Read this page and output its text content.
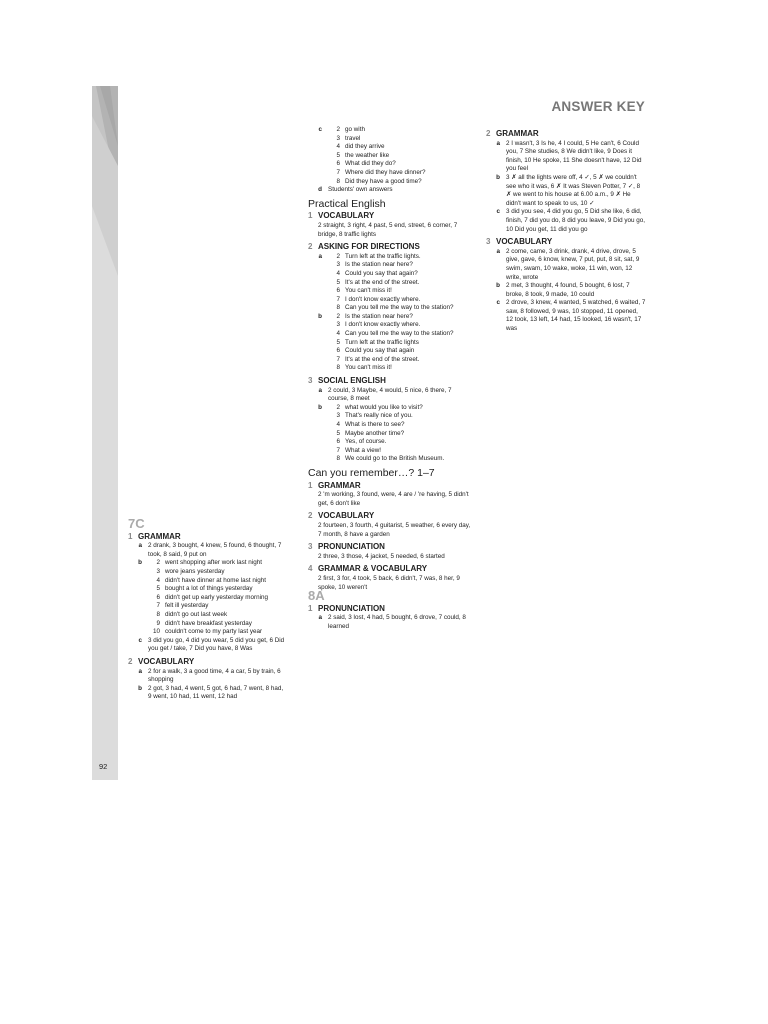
ANSWER KEY
7C
1 GRAMMAR
a 2 drank, 3 bought, 4 knew, 5 found, 6 thought, 7 took, 8 said, 9 put on
b	2 went shopping after work last night
3 wore jeans yesterday
4 didn't have dinner at home last night
5 bought a lot of things yesterday
6 didn't get up early yesterday morning
7 felt ill yesterday
8 didn't go out last week
9 didn't have breakfast yesterday
10 couldn't come to my party last year
c 3 did you go, 4 did you wear, 5 did you get, 6 Did you get / take, 7 Did you have, 8 Was
2 VOCABULARY
a 2 for a walk, 3 a good time, 4 a car, 5 by train, 6 shopping
b 2 got, 3 had, 4 went, 5 got, 6 had, 7 went, 8 had, 9 went, 10 had, 11 went, 12 had
c	2 go with
3 travel
4 did they arrive
5 the weather like
6 What did they do?
7 Where did they have dinner?
8 Did they have a good time?
d Students' own answers
Practical English
1 VOCABULARY
2 straight, 3 right, 4 past, 5 end, street, 6 corner, 7 bridge, 8 traffic lights
2 ASKING FOR DIRECTIONS
a	2 Turn left at the traffic lights.
3 Is the station near here?
4 Could you say that again?
5 It's at the end of the street.
6 You can't miss it!
7 I don't know exactly where.
8 Can you tell me the way to the station?
b	2 Is the station near here?
3 I don't know exactly where.
4 Can you tell me the way to the station?
5 Turn left at the traffic lights
6 Could you say that again
7 It's at the end of the street.
8 You can't miss it!
3 SOCIAL ENGLISH
a 2 could, 3 Maybe, 4 would, 5 nice, 6 there, 7 course, 8 meet
b	2 what would you like to visit?
3 That's really nice of you.
4 What is there to see?
5 Maybe another time?
6 Yes, of course.
7 What a view!
8 We could go to the British Museum.
Can you remember…? 1–7
1 GRAMMAR
2 'm working, 3 found, were, 4 are / 're having, 5 didn't get, 6 don't like
2 VOCABULARY
2 fourteen, 3 fourth, 4 guitarist, 5 weather, 6 every day, 7 month, 8 have a garden
3 PRONUNCIATION
2 three, 3 those, 4 jacket, 5 needed, 6 started
4 GRAMMAR & VOCABULARY
2 first, 3 for, 4 took, 5 back, 6 didn't, 7 was, 8 her, 9 spoke, 10 weren't
8A
1 PRONUNCIATION
a 2 said, 3 lost, 4 had, 5 bought, 6 drove, 7 could, 8 learned
2 GRAMMAR
a 2 I wasn't, 3 Is he, 4 I could, 5 He can't, 6 Could you, 7 She studies, 8 We didn't like, 9 Does it finish, 10 He spoke, 11 She doesn't have, 12 Did you feel
b 3 ✗ all the lights were off, 4 ✓, 5 ✗ we couldn't see who it was, 6 ✗ It was Steven Potter, 7 ✓, 8 ✗ we went to his house at 6.00 a.m., 9 ✗ He didn't want to speak to us, 10 ✓
c 3 did you see, 4 did you go, 5 Did she like, 6 did, finish, 7 did you do, 8 did you leave, 9 Did you go, 10 Did you get, 11 did you go
3 VOCABULARY
a 2 come, came, 3 drink, drank, 4 drive, drove, 5 give, gave, 6 know, knew, 7 put, put, 8 sit, sat, 9 swim, swam, 10 wake, woke, 11 win, won, 12 write, wrote
b 2 met, 3 thought, 4 found, 5 bought, 6 lost, 7 broke, 8 took, 9 made, 10 could
c 2 drove, 3 knew, 4 wanted, 5 watched, 6 waited, 7 saw, 8 followed, 9 was, 10 stopped, 11 opened, 12 took, 13 left, 14 had, 15 looked, 16 wasn't, 17 was
92
